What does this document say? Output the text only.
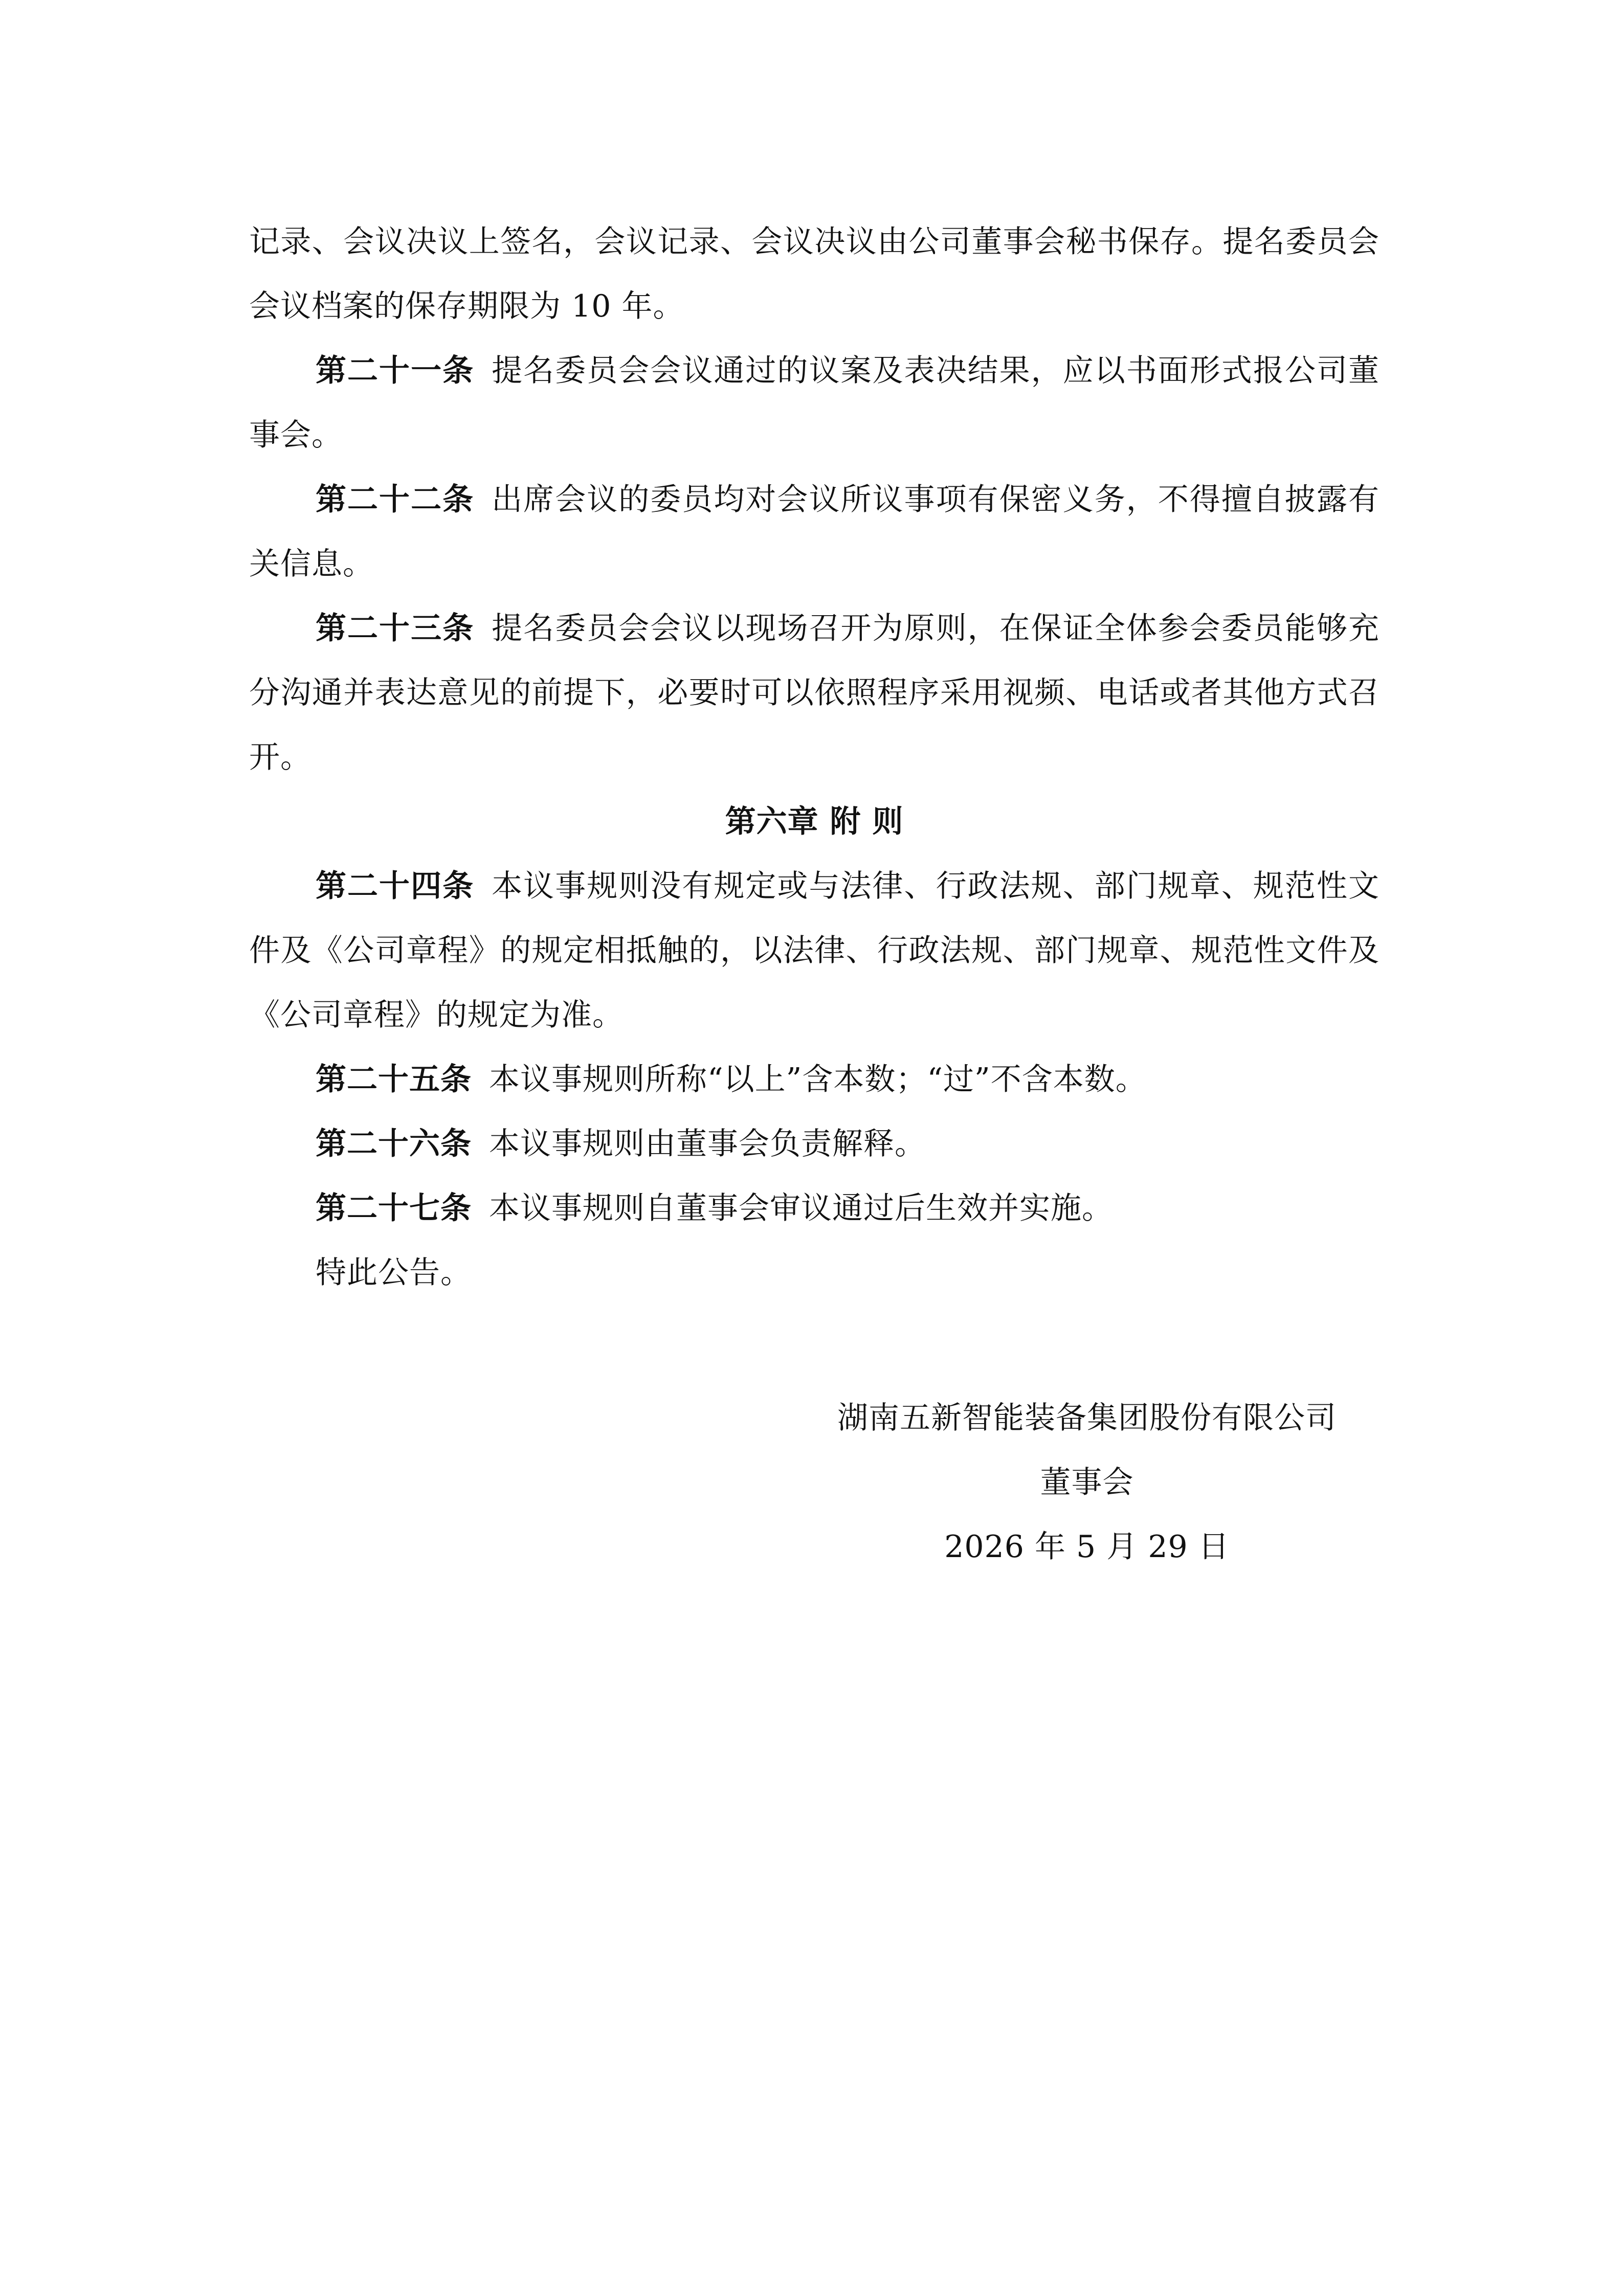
记录、会议决议上签名，会议记录、会议决议由公司董事会秘书保存。提名委员会会议档案的保存期限为 10 年。

第二十一条 提名委员会会议通过的议案及表决结果，应以书面形式报公司董事会。

第二十二条 出席会议的委员均对会议所议事项有保密义务，不得擅自披露有关信息。

第二十三条 提名委员会会议以现场召开为原则，在保证全体参会委员能够充分沟通并表达意见的前提下，必要时可以依照程序采用视频、电话或者其他方式召开。

第六章 附 则

第二十四条 本议事规则没有规定或与法律、行政法规、部门规章、规范性文件及《公司章程》的规定相抵触的，以法律、行政法规、部门规章、规范性文件及《公司章程》的规定为准。

第二十五条 本议事规则所称“以上”含本数；“过”不含本数。

第二十六条 本议事规则由董事会负责解释。

第二十七条 本议事规则自董事会审议通过后生效并实施。

特此公告。

湖南五新智能装备集团股份有限公司

董事会

2026 年 5 月 29 日
